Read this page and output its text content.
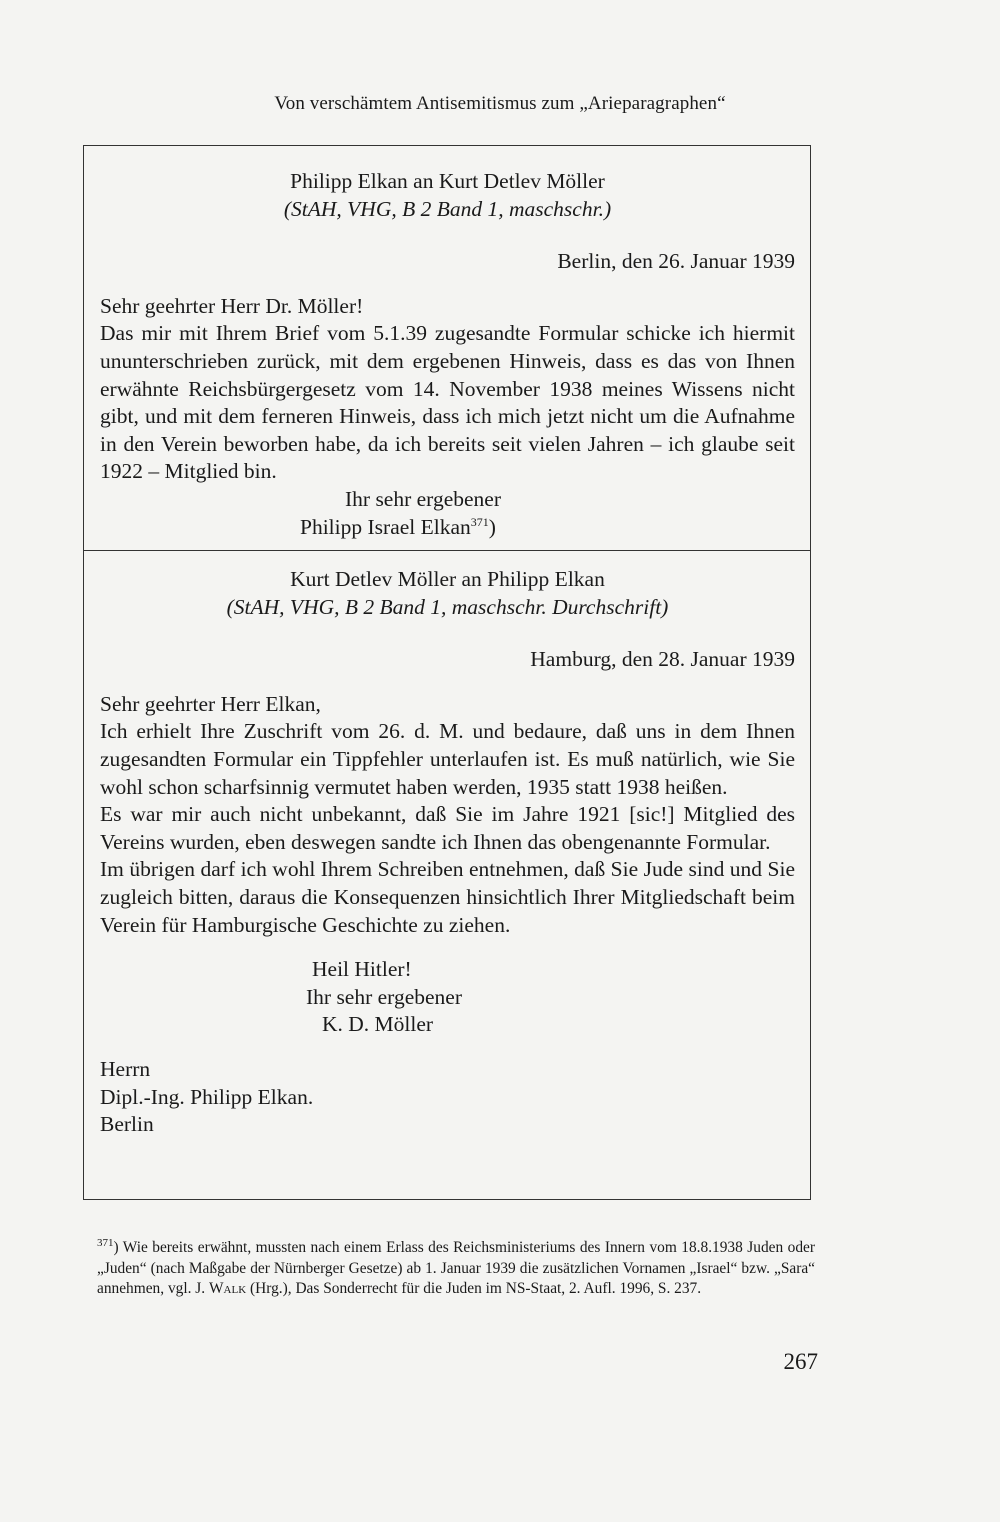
Von verschämtem Antisemitismus zum „Arieparagraphen“

Philipp Elkan an Kurt Detlev Möller

(StAH, VHG, B 2 Band 1, maschschr.)

Berlin, den 26. Januar 1939

Sehr geehrter Herr Dr. Möller!

Das mir mit Ihrem Brief vom 5.1.39 zugesandte Formular schicke ich hiermit ununterschrieben zurück, mit dem ergebenen Hinweis, dass es das von Ihnen erwähnte Reichsbürgergesetz vom 14. November 1938 meines Wissens nicht gibt, und mit dem ferneren Hinweis, dass ich mich jetzt nicht um die Aufnahme in den Verein beworben habe, da ich bereits seit vielen Jahren – ich glaube seit 1922 – Mitglied bin.

Ihr sehr ergebener

Philipp Israel Elkan$^{371}$)

Kurt Detlev Möller an Philipp Elkan

(StAH, VHG, B 2 Band 1, maschschr. Durchschrift)

Hamburg, den 28. Januar 1939

Sehr geehrter Herr Elkan,

Ich erhielt Ihre Zuschrift vom 26. d. M. und bedaure, daß uns in dem Ihnen zugesandten Formular ein Tippfehler unterlaufen ist. Es muß natürlich, wie Sie wohl schon scharfsinnig vermutet haben werden, 1935 statt 1938 heißen.

Es war mir auch nicht unbekannt, daß Sie im Jahre 1921 [sic!] Mitglied des Vereins wurden, eben deswegen sandte ich Ihnen das obengenannte Formular.

Im übrigen darf ich wohl Ihrem Schreiben entnehmen, daß Sie Jude sind und Sie zugleich bitten, daraus die Konsequenzen hinsichtlich Ihrer Mitgliedschaft beim Verein für Hamburgische Geschichte zu ziehen.

Heil Hitler!

Ihr sehr ergebener

K. D. Möller

Herrn

Dipl.-Ing. Philipp Elkan.

Berlin

$^{371}$) Wie bereits erwähnt, mussten nach einem Erlass des Reichsministeriums des Innern vom 18.8.1938 Juden oder „Juden“ (nach Maßgabe der Nürnberger Gesetze) ab 1. Januar 1939 die zusätzlichen Vornamen „Israel“ bzw. „Sara“ annehmen, vgl. J. Walk (Hrg.), Das Sonderrecht für die Juden im NS-Staat, 2. Aufl. 1996, S. 237.
267
